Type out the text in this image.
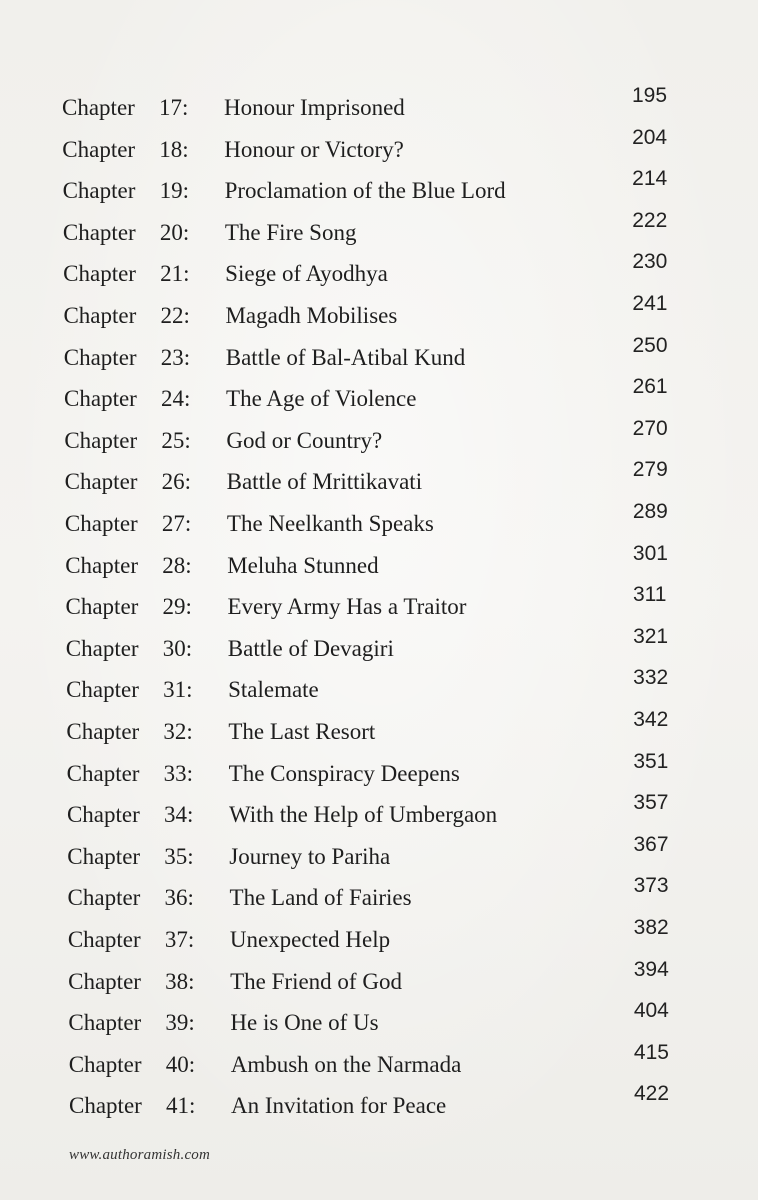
Chapter 17: Honour Imprisoned	195
Chapter 18: Honour or Victory?	204
Chapter 19: Proclamation of the Blue Lord	214
Chapter 20: The Fire Song	222
Chapter 21: Siege of Ayodhya	230
Chapter 22: Magadh Mobilises	241
Chapter 23: Battle of Bal-Atibal Kund	250
Chapter 24: The Age of Violence	261
Chapter 25: God or Country?	270
Chapter 26: Battle of Mrittikavati	279
Chapter 27: The Neelkanth Speaks	289
Chapter 28: Meluha Stunned	301
Chapter 29: Every Army Has a Traitor	311
Chapter 30: Battle of Devagiri	321
Chapter 31: Stalemate	332
Chapter 32: The Last Resort	342
Chapter 33: The Conspiracy Deepens	351
Chapter 34: With the Help of Umbergaon	357
Chapter 35: Journey to Pariha	367
Chapter 36: The Land of Fairies	373
Chapter 37: Unexpected Help	382
Chapter 38: The Friend of God	394
Chapter 39: He is One of Us	404
Chapter 40: Ambush on the Narmada	415
Chapter 41: An Invitation for Peace	422
www.authoramish.com
